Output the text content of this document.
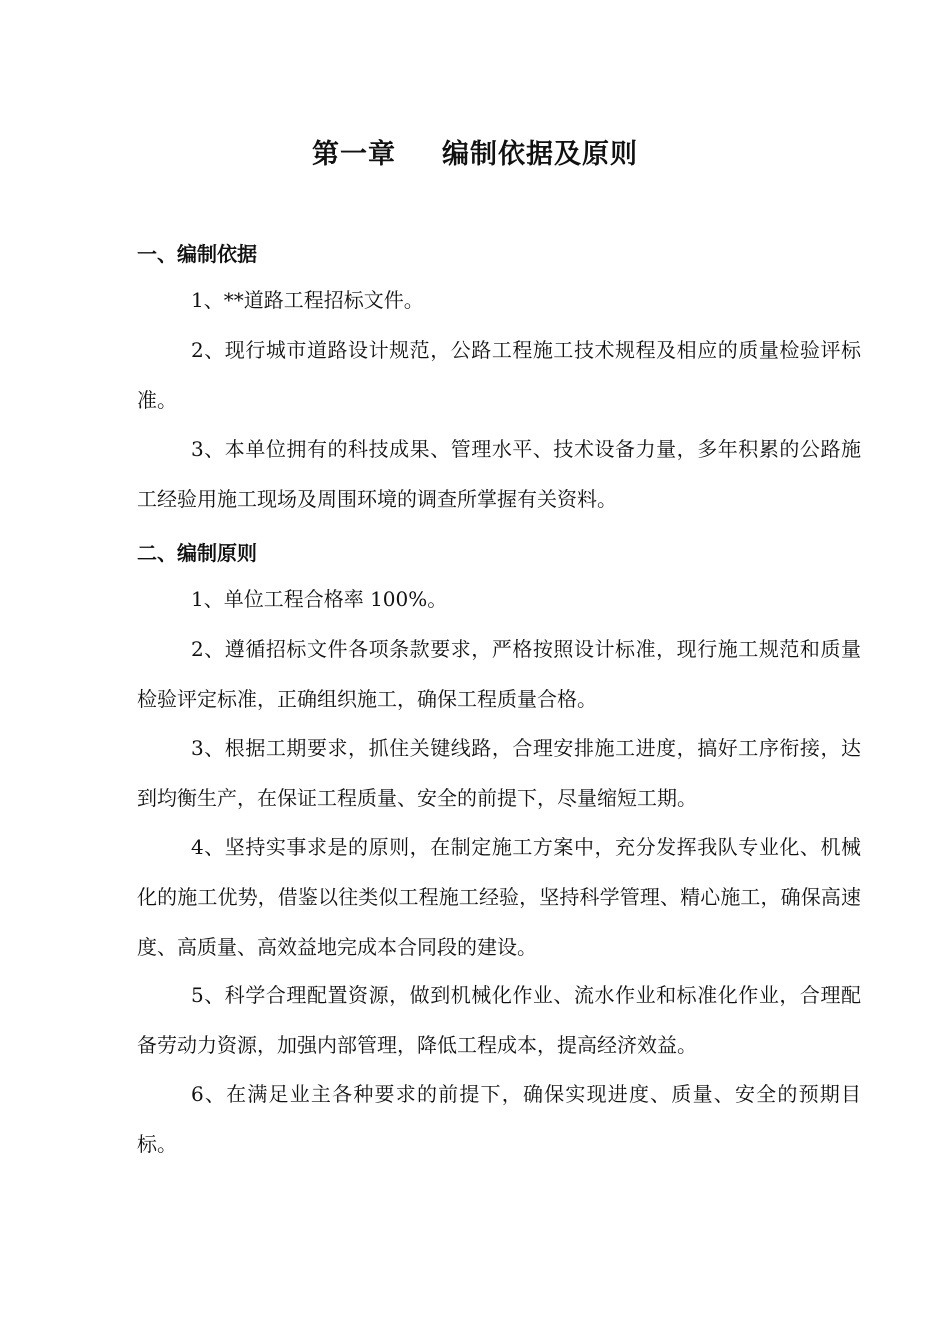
第一章 编制依据及原则
一、编制依据
1、**道路工程招标文件。
2、现行城市道路设计规范，公路工程施工技术规程及相应的质量检验评标准。
3、本单位拥有的科技成果、管理水平、技术设备力量，多年积累的公路施工经验用施工现场及周围环境的调查所掌握有关资料。
二、编制原则
1、单位工程合格率 100%。
2、遵循招标文件各项条款要求，严格按照设计标准，现行施工规范和质量检验评定标准，正确组织施工，确保工程质量合格。
3、根据工期要求，抓住关键线路，合理安排施工进度，搞好工序衔接，达到均衡生产，在保证工程质量、安全的前提下，尽量缩短工期。
4、坚持实事求是的原则，在制定施工方案中，充分发挥我队专业化、机械化的施工优势，借鉴以往类似工程施工经验，坚持科学管理、精心施工，确保高速度、高质量、高效益地完成本合同段的建设。
5、科学合理配置资源，做到机械化作业、流水作业和标准化作业，合理配备劳动力资源，加强内部管理，降低工程成本，提高经济效益。
6、在满足业主各种要求的前提下，确保实现进度、质量、安全的预期目标。
